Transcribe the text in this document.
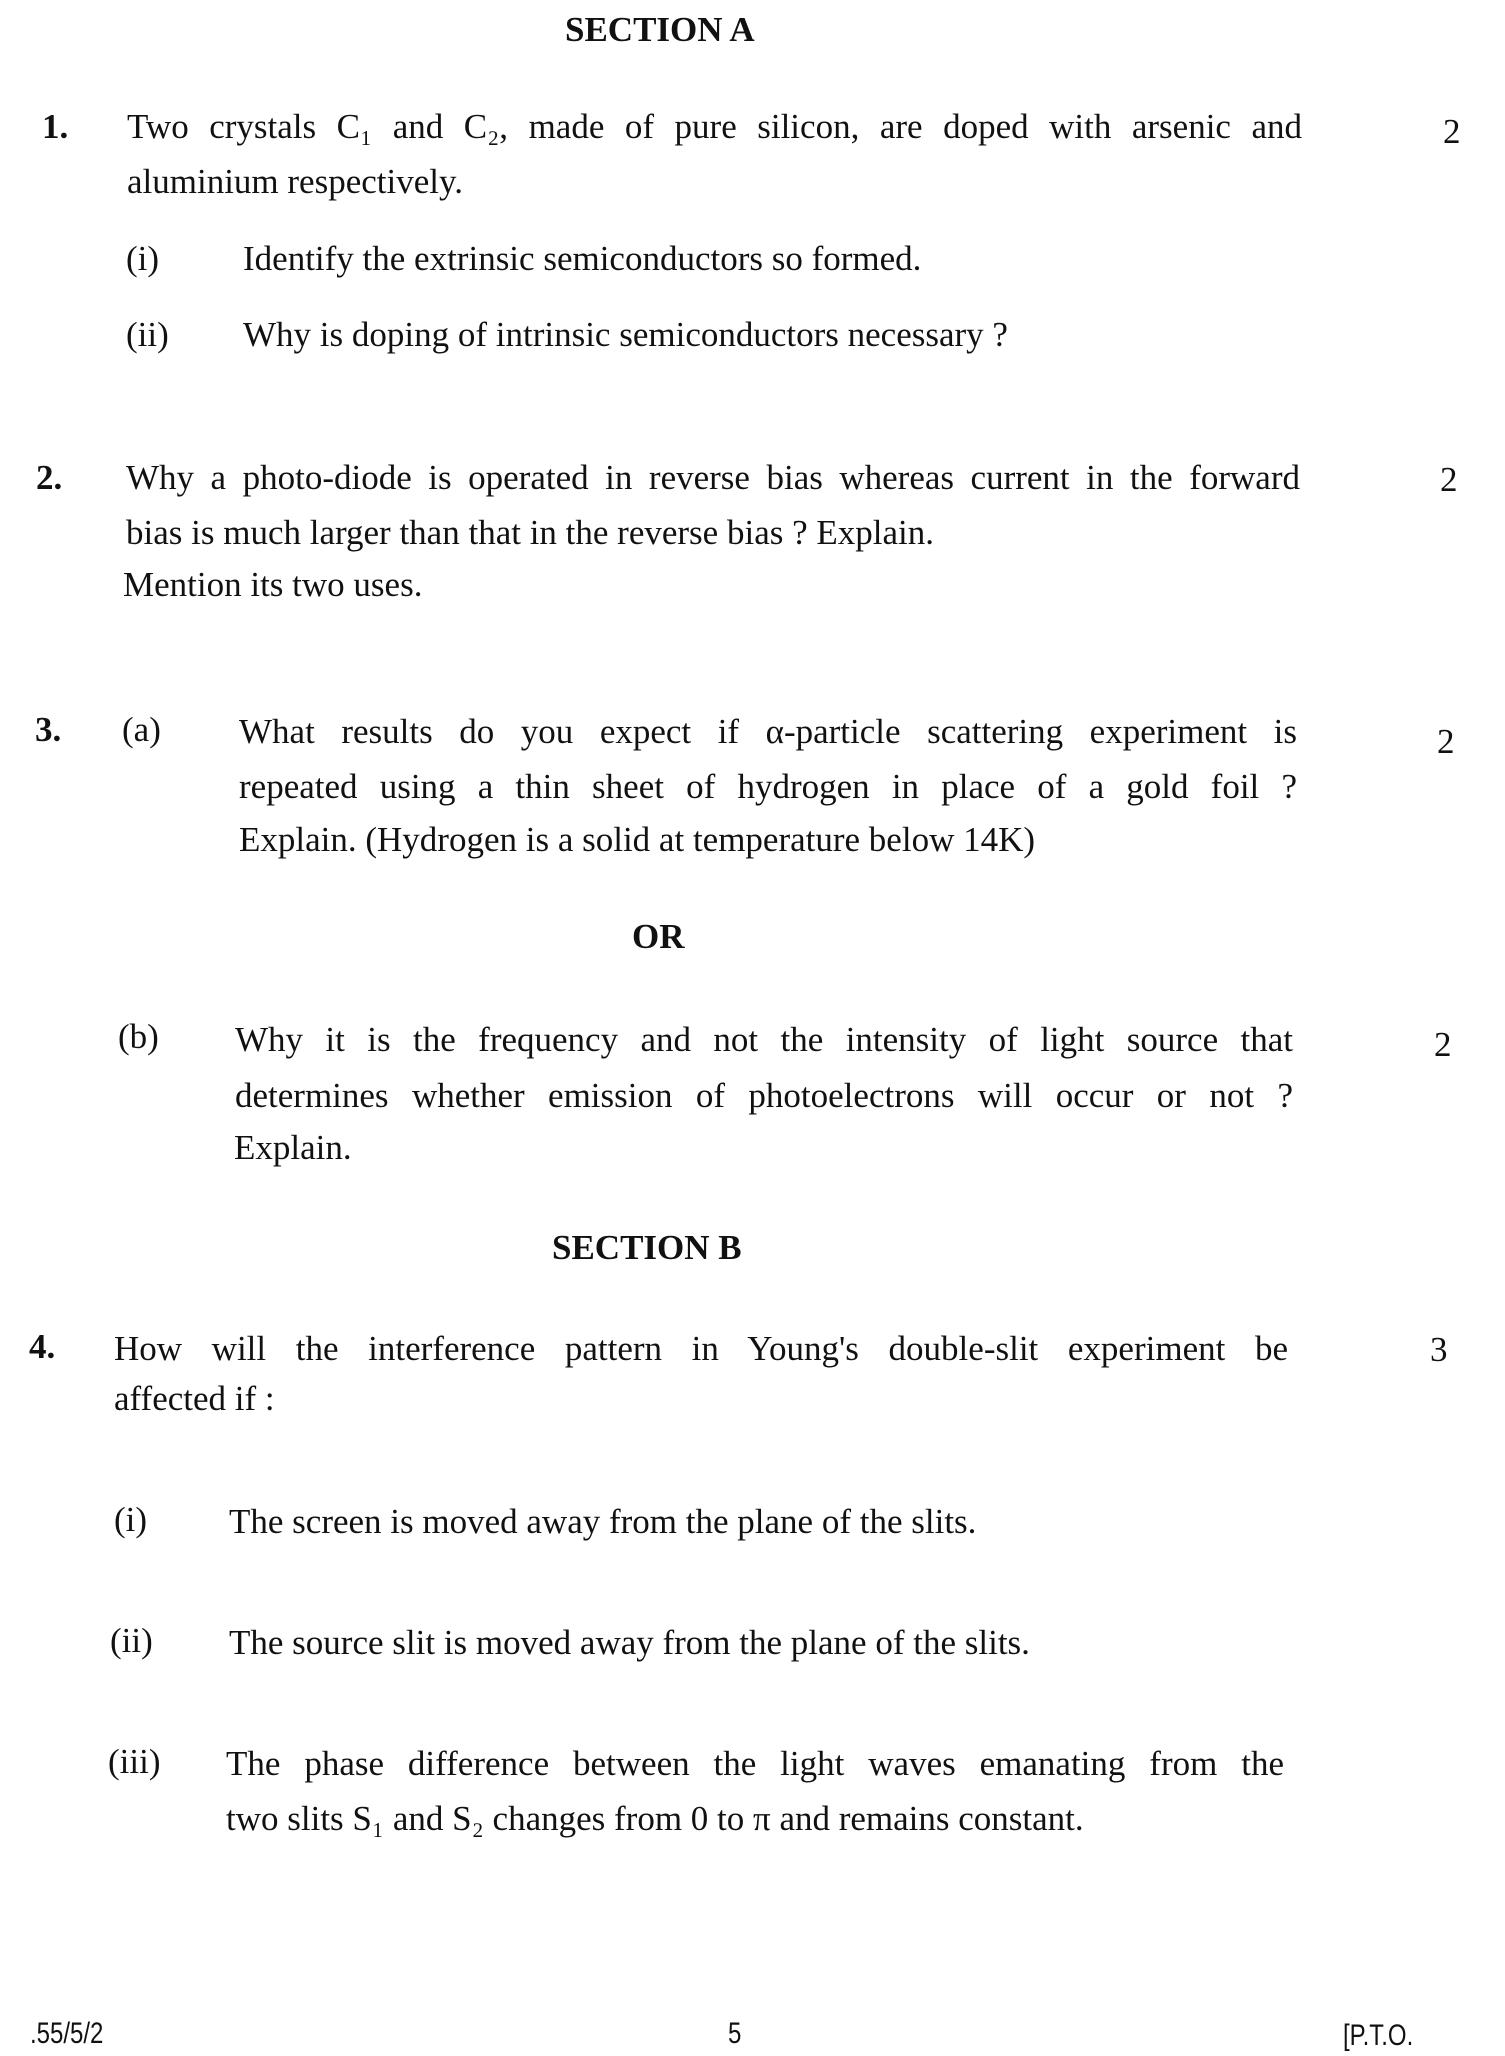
SECTION A
1. Two crystals C₁ and C₂, made of pure silicon, are doped with arsenic and
aluminium respectively.
2
(i) Identify the extrinsic semiconductors so formed.
(ii) Why is doping of intrinsic semiconductors necessary ?
2. Why a photo-diode is operated in reverse bias whereas current in the forward
bias is much larger than that in the reverse bias ? Explain.
Mention its two uses.
2
3. (a) What results do you expect if α-particle scattering experiment is
repeated using a thin sheet of hydrogen in place of a gold foil ?
Explain. (Hydrogen is a solid at temperature below 14K)
2
OR
(b) Why it is the frequency and not the intensity of light source that
determines whether emission of photoelectrons will occur or not ?
Explain.
2
SECTION B
4. How will the interference pattern in Young's double-slit experiment be
affected if :
3
(i) The screen is moved away from the plane of the slits.
(ii) The source slit is moved away from the plane of the slits.
(iii) The phase difference between the light waves emanating from the
two slits S₁ and S₂ changes from 0 to π and remains constant.
.55/5/2	5	[P.T.O.
